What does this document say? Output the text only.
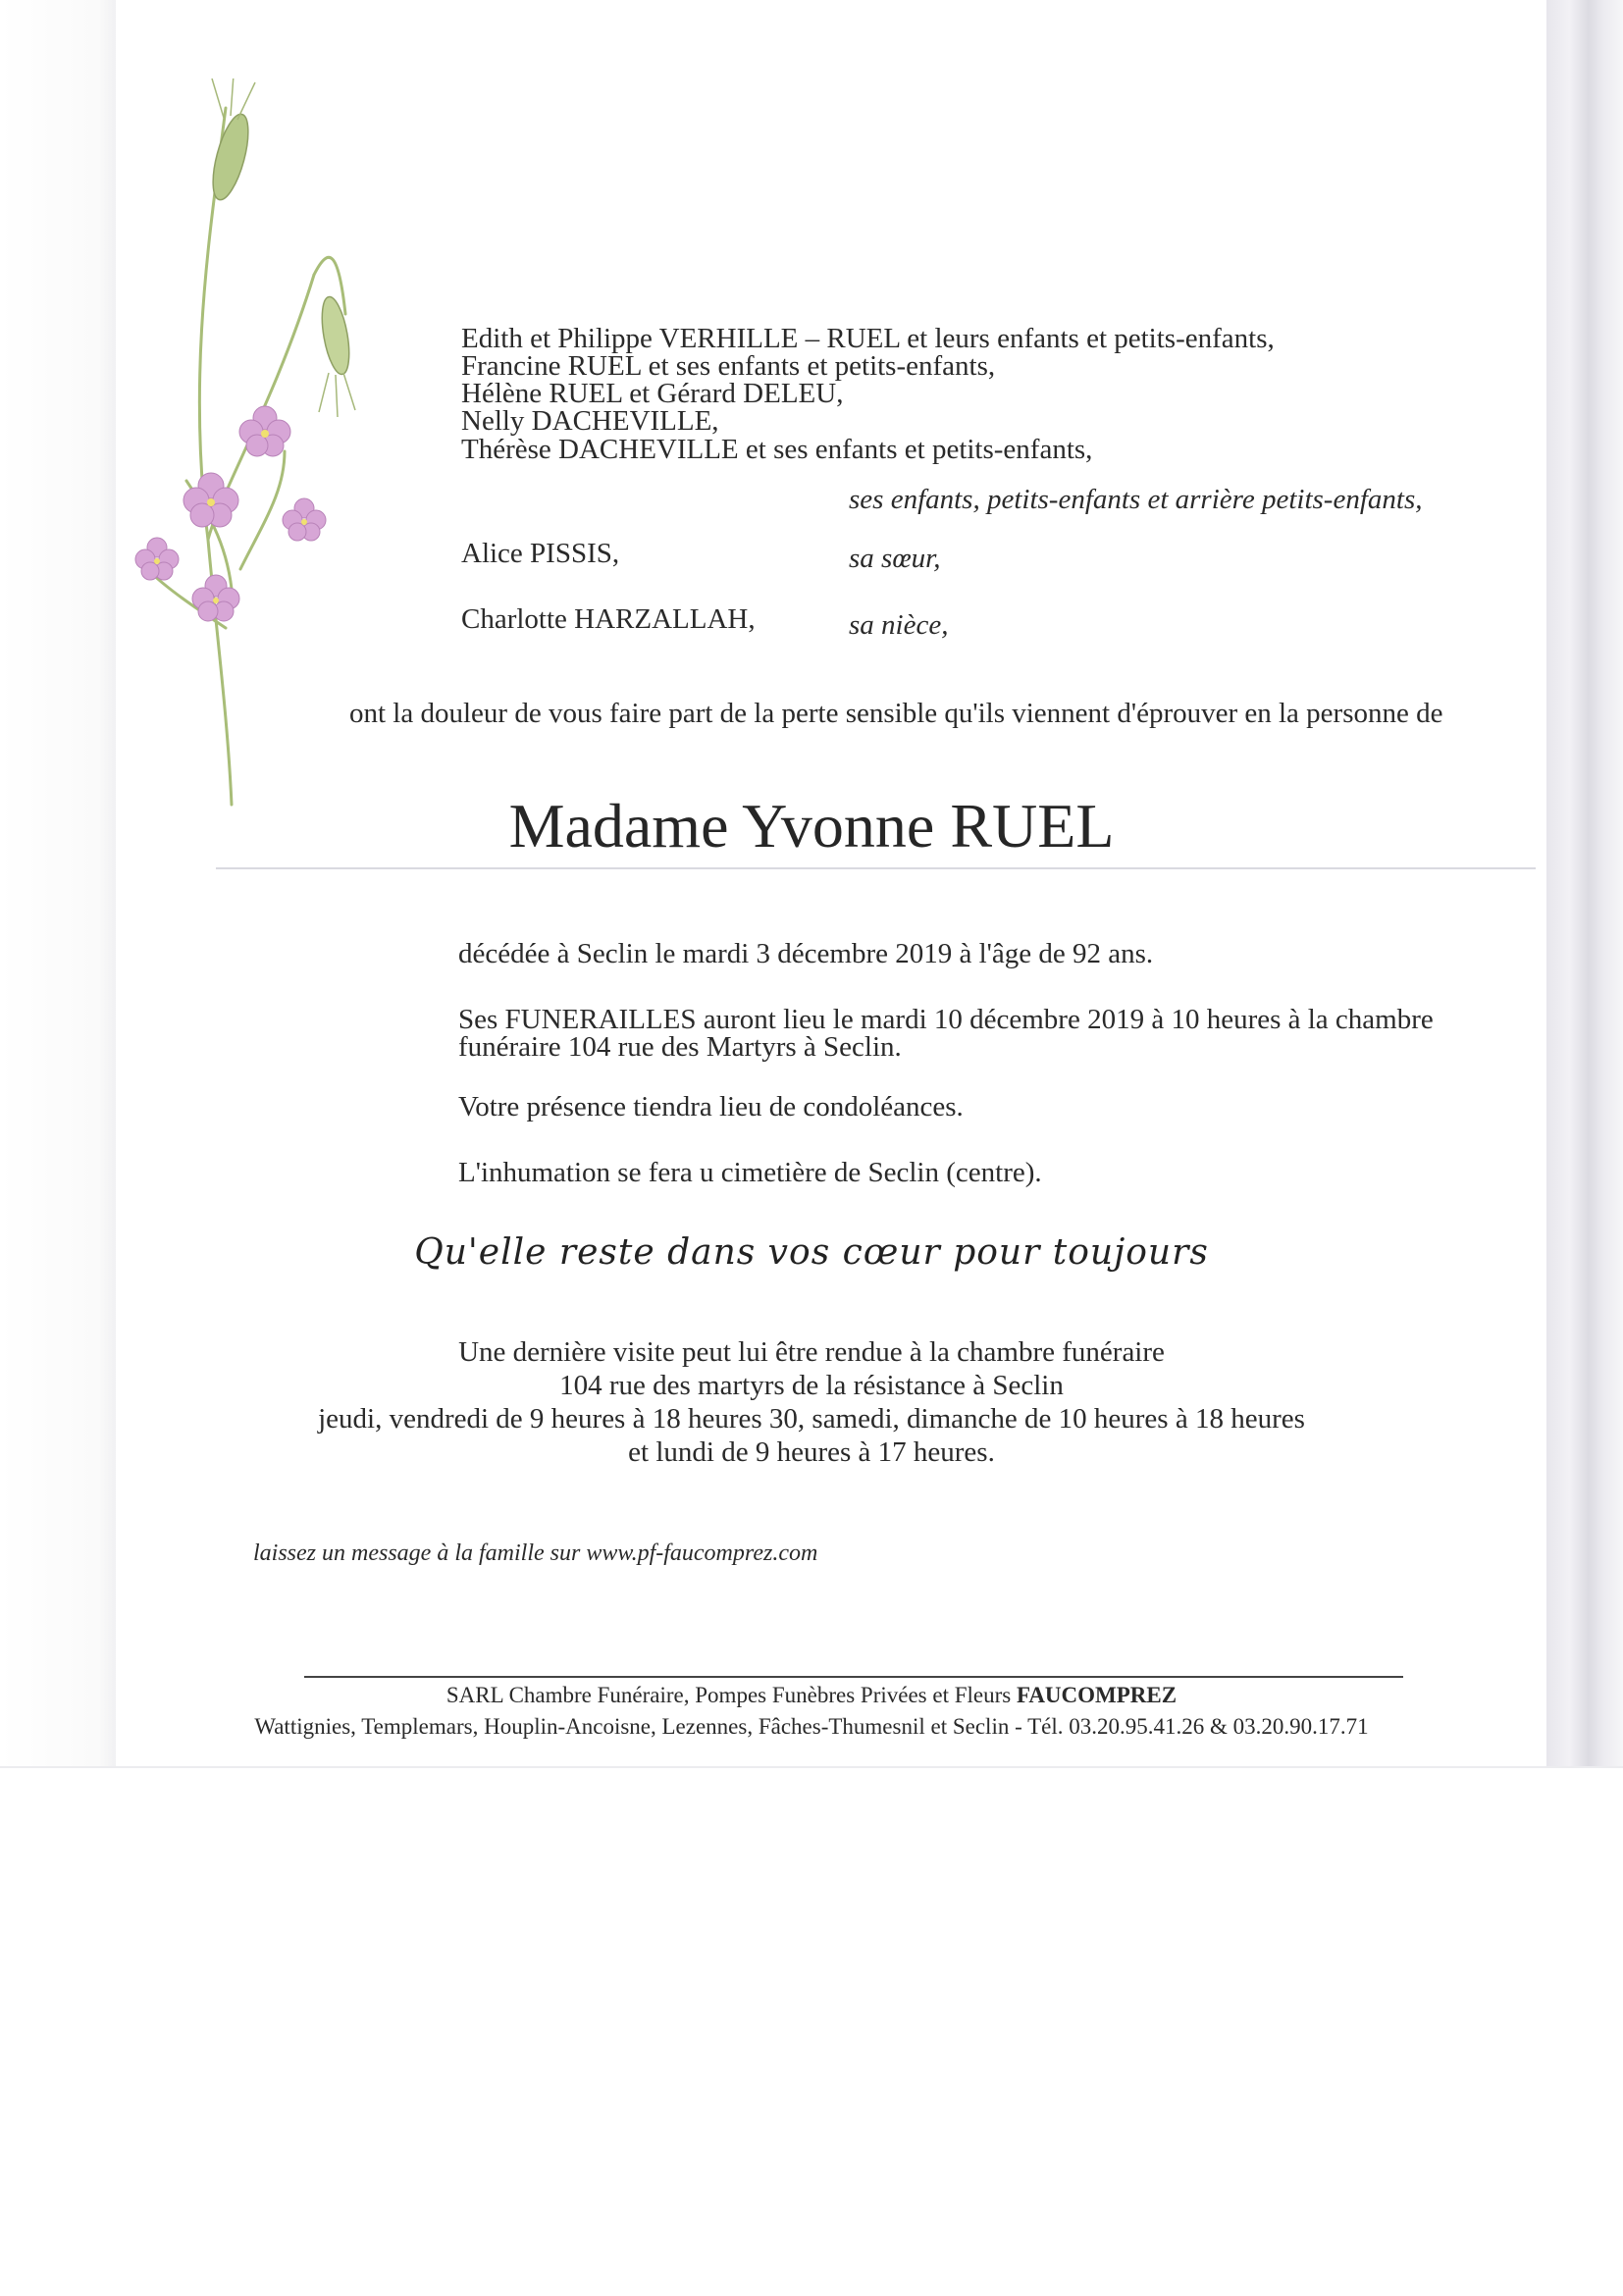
Edith et Philippe VERHILLE – RUEL et leurs enfants et petits-enfants,
Francine RUEL et ses enfants et petits-enfants,
Hélène RUEL et Gérard DELEU,
Nelly DACHEVILLE,
Thérèse DACHEVILLE et ses enfants et petits-enfants,
ses enfants, petits-enfants et arrière petits-enfants,
Alice PISSIS,	sa sœur,
Charlotte HARZALLAH,	sa nièce,
ont la douleur de vous faire part de la perte sensible qu'ils viennent d'éprouver en la personne de
Madame Yvonne RUEL
décédée à Seclin le mardi 3 décembre 2019 à l'âge de 92 ans.
Ses FUNERAILLES auront lieu le mardi 10 décembre 2019 à 10 heures à la chambre
funéraire 104 rue des Martyrs à Seclin.
Votre présence tiendra lieu de condoléances.
L'inhumation se fera u cimetière de Seclin (centre).
Qu'elle reste dans vos cœur pour toujours
Une dernière visite peut lui être rendue à la chambre funéraire
104 rue des martyrs de la résistance à Seclin
jeudi, vendredi de 9 heures à 18 heures 30, samedi, dimanche de 10 heures à 18 heures
et lundi de 9 heures à 17 heures.
laissez un message à la famille sur www.pf-faucomprez.com
SARL Chambre Funéraire, Pompes Funèbres Privées et Fleurs FAUCOMPREZ
Wattignies, Templemars, Houplin-Ancoisne, Lezennes, Fâches-Thumesnil et Seclin - Tél. 03.20.95.41.26 & 03.20.90.17.71
